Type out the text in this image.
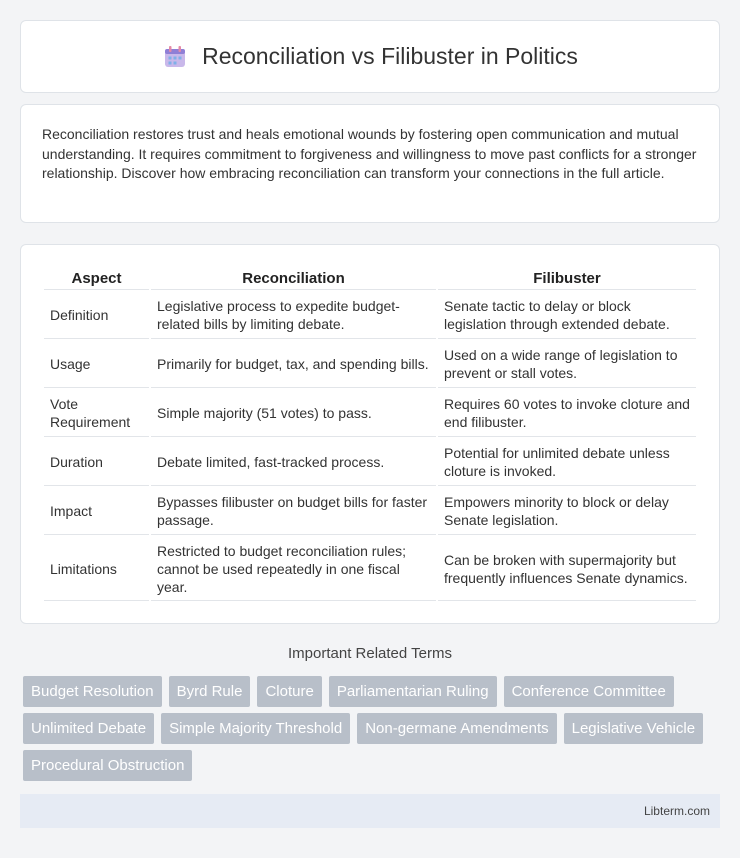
Reconciliation vs Filibuster in Politics

Reconciliation restores trust and heals emotional wounds by fostering open communication and mutual understanding. It requires commitment to forgiveness and willingness to move past conflicts for a stronger relationship. Discover how embracing reconciliation can transform your connections in the full article.

Aspect	Reconciliation	Filibuster
Definition	Legislative process to expedite budget-related bills by limiting debate.	Senate tactic to delay or block legislation through extended debate.
Usage	Primarily for budget, tax, and spending bills.	Used on a wide range of legislation to prevent or stall votes.
Vote Requirement	Simple majority (51 votes) to pass.	Requires 60 votes to invoke cloture and end filibuster.
Duration	Debate limited, fast-tracked process.	Potential for unlimited debate unless cloture is invoked.
Impact	Bypasses filibuster on budget bills for faster passage.	Empowers minority to block or delay Senate legislation.
Limitations	Restricted to budget reconciliation rules; cannot be used repeatedly in one fiscal year.	Can be broken with supermajority but frequently influences Senate dynamics.
Important Related Terms
Budget Resolution	Byrd Rule	Cloture	Parliamentarian Ruling	Conference Committee
Unlimited Debate	Simple Majority Threshold	Non-germane Amendments	Legislative Vehicle
Procedural Obstruction
Libterm.com
